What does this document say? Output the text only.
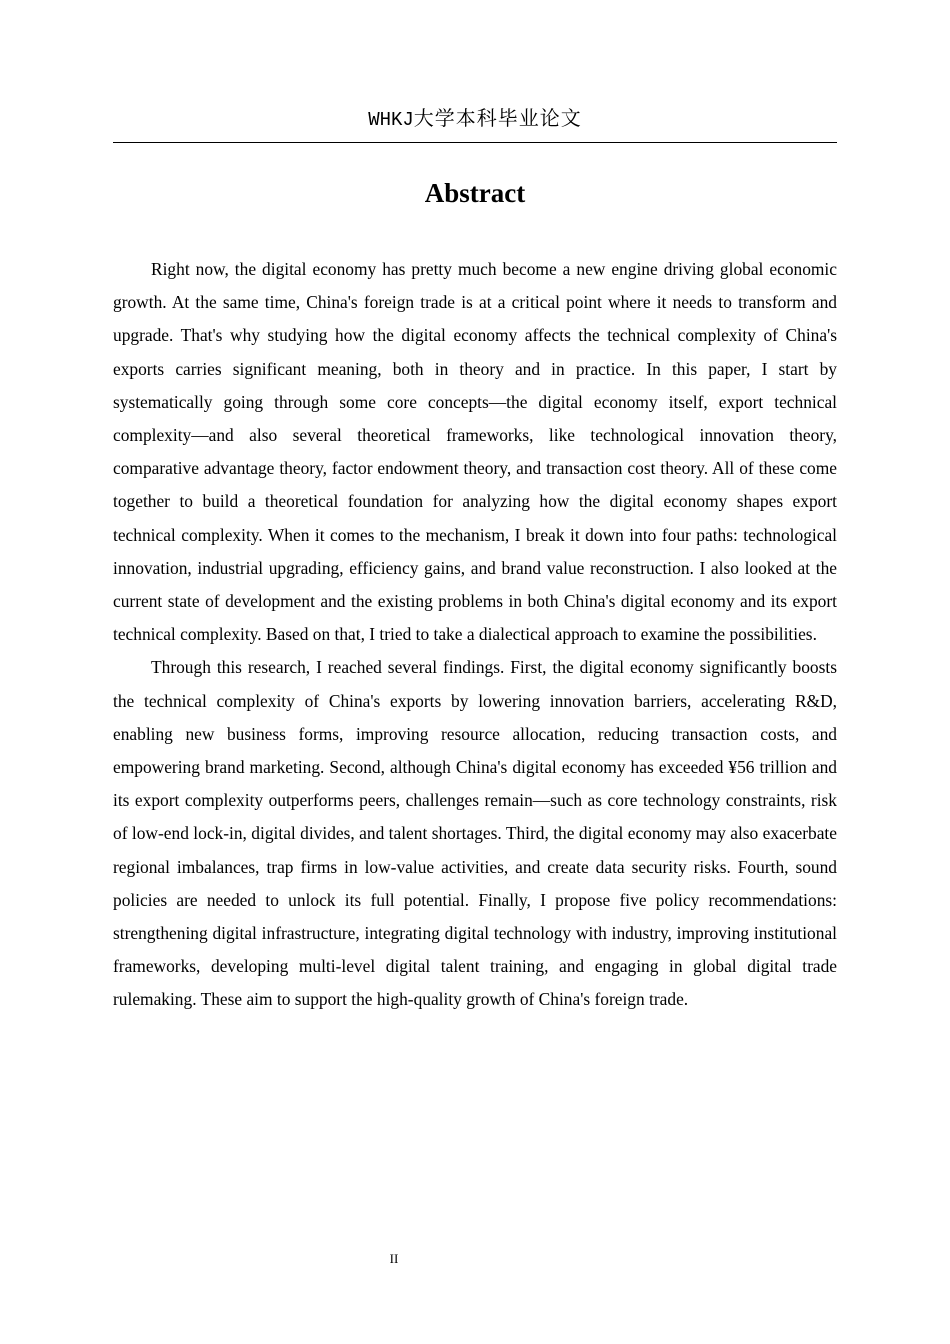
WHKJ大学本科毕业论文
Abstract

Right now, the digital economy has pretty much become a new engine driving global economic growth. At the same time, China's foreign trade is at a critical point where it needs to transform and upgrade. That's why studying how the digital economy affects the technical complexity of China's exports carries significant meaning, both in theory and in practice. In this paper, I start by systematically going through some core concepts—the digital economy itself, export technical complexity—and also several theoretical frameworks, like technological innovation theory, comparative advantage theory, factor endowment theory, and transaction cost theory. All of these come together to build a theoretical foundation for analyzing how the digital economy shapes export technical complexity. When it comes to the mechanism, I break it down into four paths: technological innovation, industrial upgrading, efficiency gains, and brand value reconstruction. I also looked at the current state of development and the existing problems in both China's digital economy and its export technical complexity. Based on that, I tried to take a dialectical approach to examine the possibilities.

Through this research, I reached several findings. First, the digital economy significantly boosts the technical complexity of China's exports by lowering innovation barriers, accelerating R&D, enabling new business forms, improving resource allocation, reducing transaction costs, and empowering brand marketing. Second, although China's digital economy has exceeded ¥56 trillion and its export complexity outperforms peers, challenges remain—such as core technology constraints, risk of low-end lock-in, digital divides, and talent shortages. Third, the digital economy may also exacerbate regional imbalances, trap firms in low-value activities, and create data security risks. Fourth, sound policies are needed to unlock its full potential. Finally, I propose five policy recommendations: strengthening digital infrastructure, integrating digital technology with industry, improving institutional frameworks, developing multi-level digital talent training, and engaging in global digital trade rulemaking. These aim to support the high-quality growth of China's foreign trade.

II
